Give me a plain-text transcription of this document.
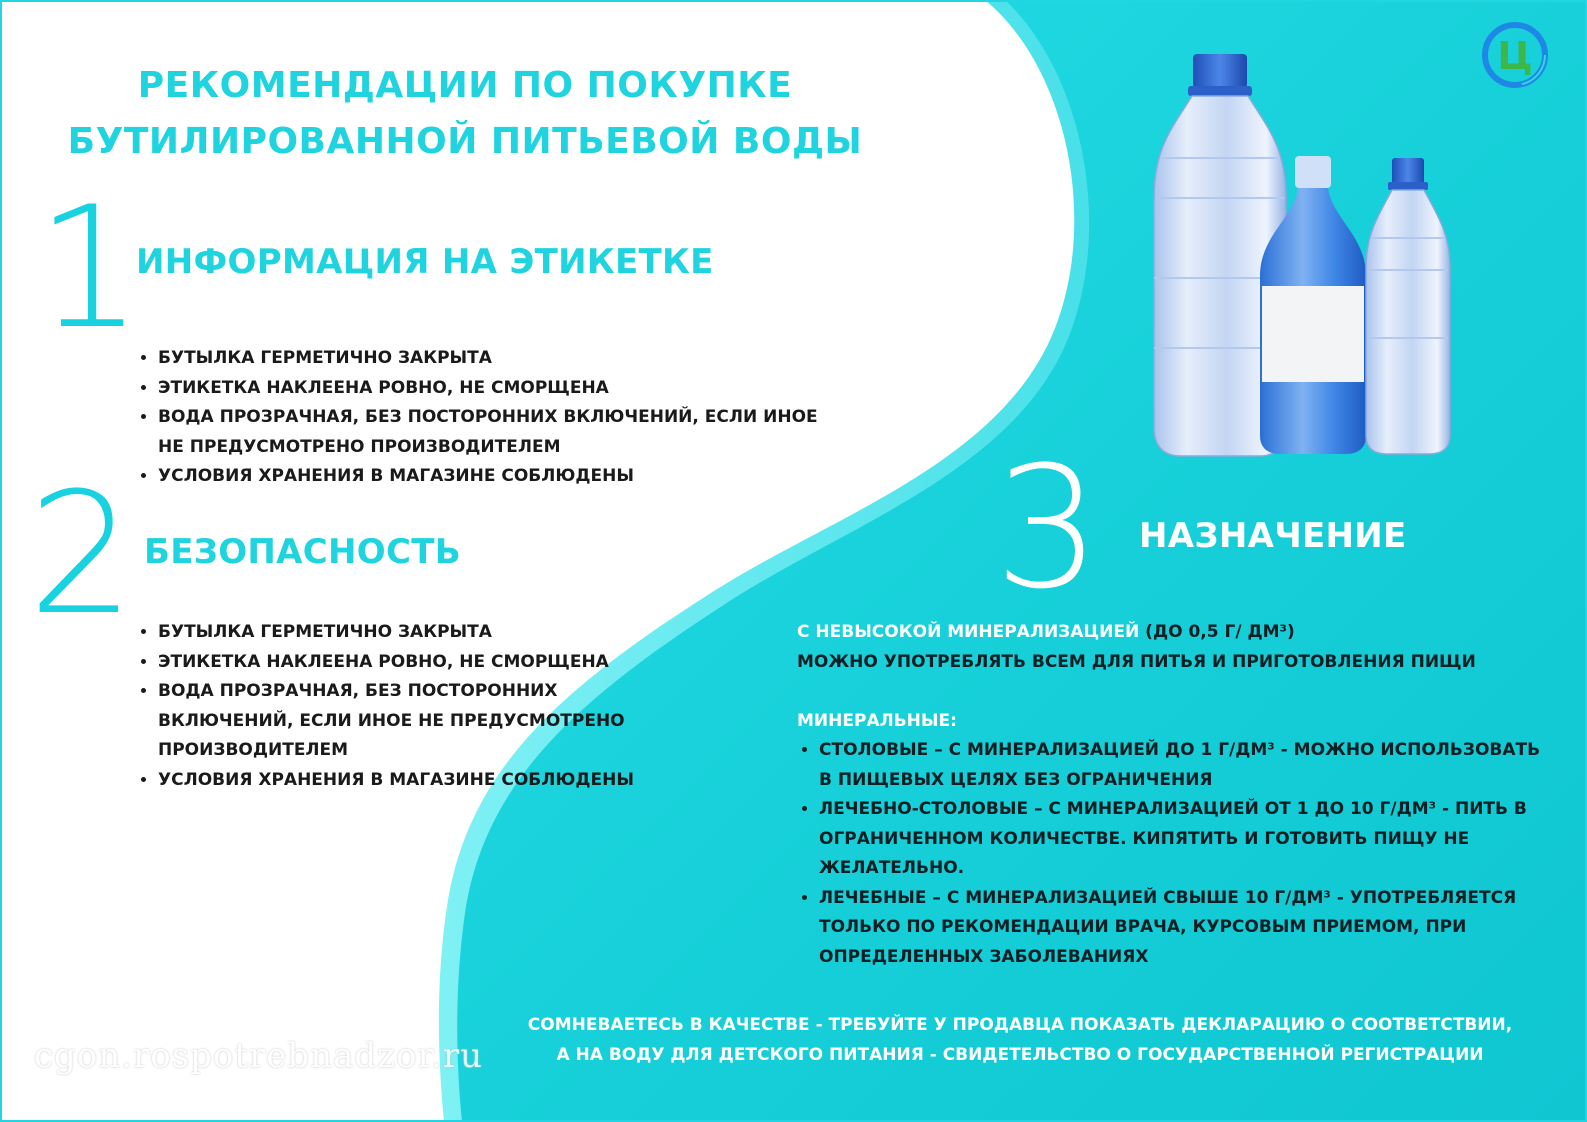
РЕКОМЕНДАЦИИ ПО ПОКУПКЕ
БУТИЛИРОВАННОЙ ПИТЬЕВОЙ ВОДЫ
1
ИНФОРМАЦИЯ НА ЭТИКЕТКЕ
• БУТЫЛКА ГЕРМЕТИЧНО ЗАКРЫТА
• ЭТИКЕТКА НАКЛЕЕНА РОВНО, НЕ СМОРЩЕНА
• ВОДА ПРОЗРАЧНАЯ, БЕЗ ПОСТОРОННИХ ВКЛЮЧЕНИЙ, ЕСЛИ ИНОЕ НЕ ПРЕДУСМОТРЕНО ПРОИЗВОДИТЕЛЕМ
• УСЛОВИЯ ХРАНЕНИЯ В МАГАЗИНЕ СОБЛЮДЕНЫ
2 БЕЗОПАСНОСТЬ
• БУТЫЛКА ГЕРМЕТИЧНО ЗАКРЫТА
• ЭТИКЕТКА НАКЛЕЕНА РОВНО, НЕ СМОРЩЕНА
• ВОДА ПРОЗРАЧНАЯ, БЕЗ ПОСТОРОННИХ ВКЛЮЧЕНИЙ, ЕСЛИ ИНОЕ НЕ ПРЕДУСМОТРЕНО ПРОИЗВОДИТЕЛЕМ
• УСЛОВИЯ ХРАНЕНИЯ В МАГАЗИНЕ СОБЛЮДЕНЫ
3 НАЗНАЧЕНИЕ

С НЕВЫСОКОЙ МИНЕРАЛИЗАЦИЕЙ (ДО 0,5 Г/ ДМ³)

МОЖНО УПОТРЕБЛЯТЬ ВСЕМ ДЛЯ ПИТЬЯ И ПРИГОТОВЛЕНИЯ ПИЩИ

МИНЕРАЛЬНЫЕ:

• СТОЛОВЫЕ – С МИНЕРАЛИЗАЦИЕЙ ДО 1 Г/ДМ³ - МОЖНО ИСПОЛЬЗОВАТЬ В ПИЩЕВЫХ ЦЕЛЯХ БЕЗ ОГРАНИЧЕНИЯ
• ЛЕЧЕБНО-СТОЛОВЫЕ – С МИНЕРАЛИЗАЦИЕЙ ОТ 1 ДО 10 Г/ДМ³ - ПИТЬ В ОГРАНИЧЕННОМ КОЛИЧЕСТВЕ. КИПЯТИТЬ И ГОТОВИТЬ ПИЩУ НЕ ЖЕЛАТЕЛЬНО.
• ЛЕЧЕБНЫЕ – С МИНЕРАЛИЗАЦИЕЙ СВЫШЕ 10 Г/ДМ³ - УПОТРЕБЛЯЕТСЯ ТОЛЬКО ПО РЕКОМЕНДАЦИИ ВРАЧА, КУРСОВЫМ ПРИЕМОМ, ПРИ ОПРЕДЕЛЕННЫХ ЗАБОЛЕВАНИЯХ
СОМНЕВАЕТЕСЬ В КАЧЕСТВЕ - ТРЕБУЙТЕ У ПРОДАВЦА ПОКАЗАТЬ ДЕКЛАРАЦИЮ О СООТВЕТСТВИИ,
А НА ВОДУ ДЛЯ ДЕТСКОГО ПИТАНИЯ - СВИДЕТЕЛЬСТВО О ГОСУДАРСТВЕННОЙ РЕГИСТРАЦИИ
cgon.rospotrebnadzor.ru
Ц
